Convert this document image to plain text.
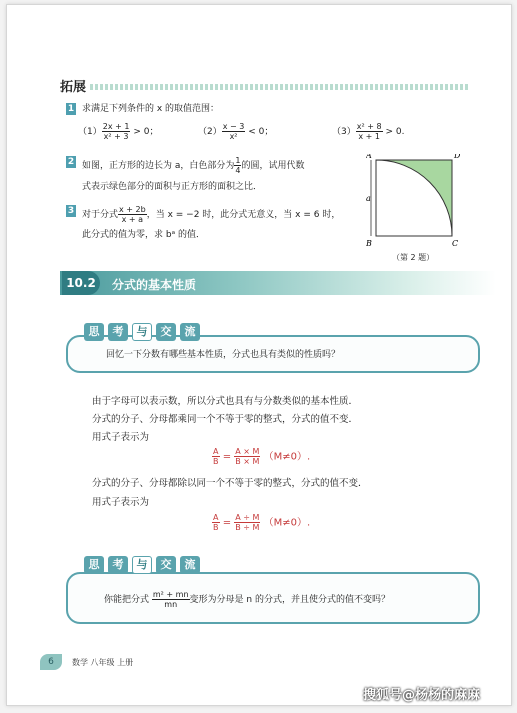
拓展
1 求满足下列条件的 x 的取值范围：
$(1) \frac{2x + 1}{\text{x² + 3}} > 0$；	$(2) \frac{x - 3}{\text{x²}} < 0$；	$(3) \frac{\text{x² + 8}}{x + 1} > 0$.
2 如图，正方形的边长为 a，白色部分为 $\frac{1}{4}$ 的圆，试用代数
式表示绿色部分的面积与正方形的面积之比．
3 对于分式 $\frac{x + 2b}{x + a}$ ，当 x = −2 时，此分式无意义，当 x = 6 时，
此分式的值为零，求 bᵃ 的值．
A	D
B	C
a
（第 2 题）
10.2	分式的基本性质
思	考	与	交	流
回忆一下分数有哪些基本性质，分式也具有类似的性质吗？
由于字母可以表示数，所以分式也具有与分数类似的基本性质．
分式的分子、分母都乘同一个不等于零的整式，分式的值不变．
用式子表示为
$\frac{A}{B} = \frac{A \times M}{B \times M} (M\ne 0)$.
分式的分子、分母都除以同一个不等于零的整式，分式的值不变．
用式子表示为
$\frac{A}{B} = \frac{A \div M}{B \div M} (M\ne 0)$.
思	考	与	交	流
你能把分式 $\frac{\text{m² + mn}}{mn}$ 变形为分母是 n 的分式，并且使分式的值不变吗？
6	数学 八年级 上册
搜狐号@杨杨的麻麻
